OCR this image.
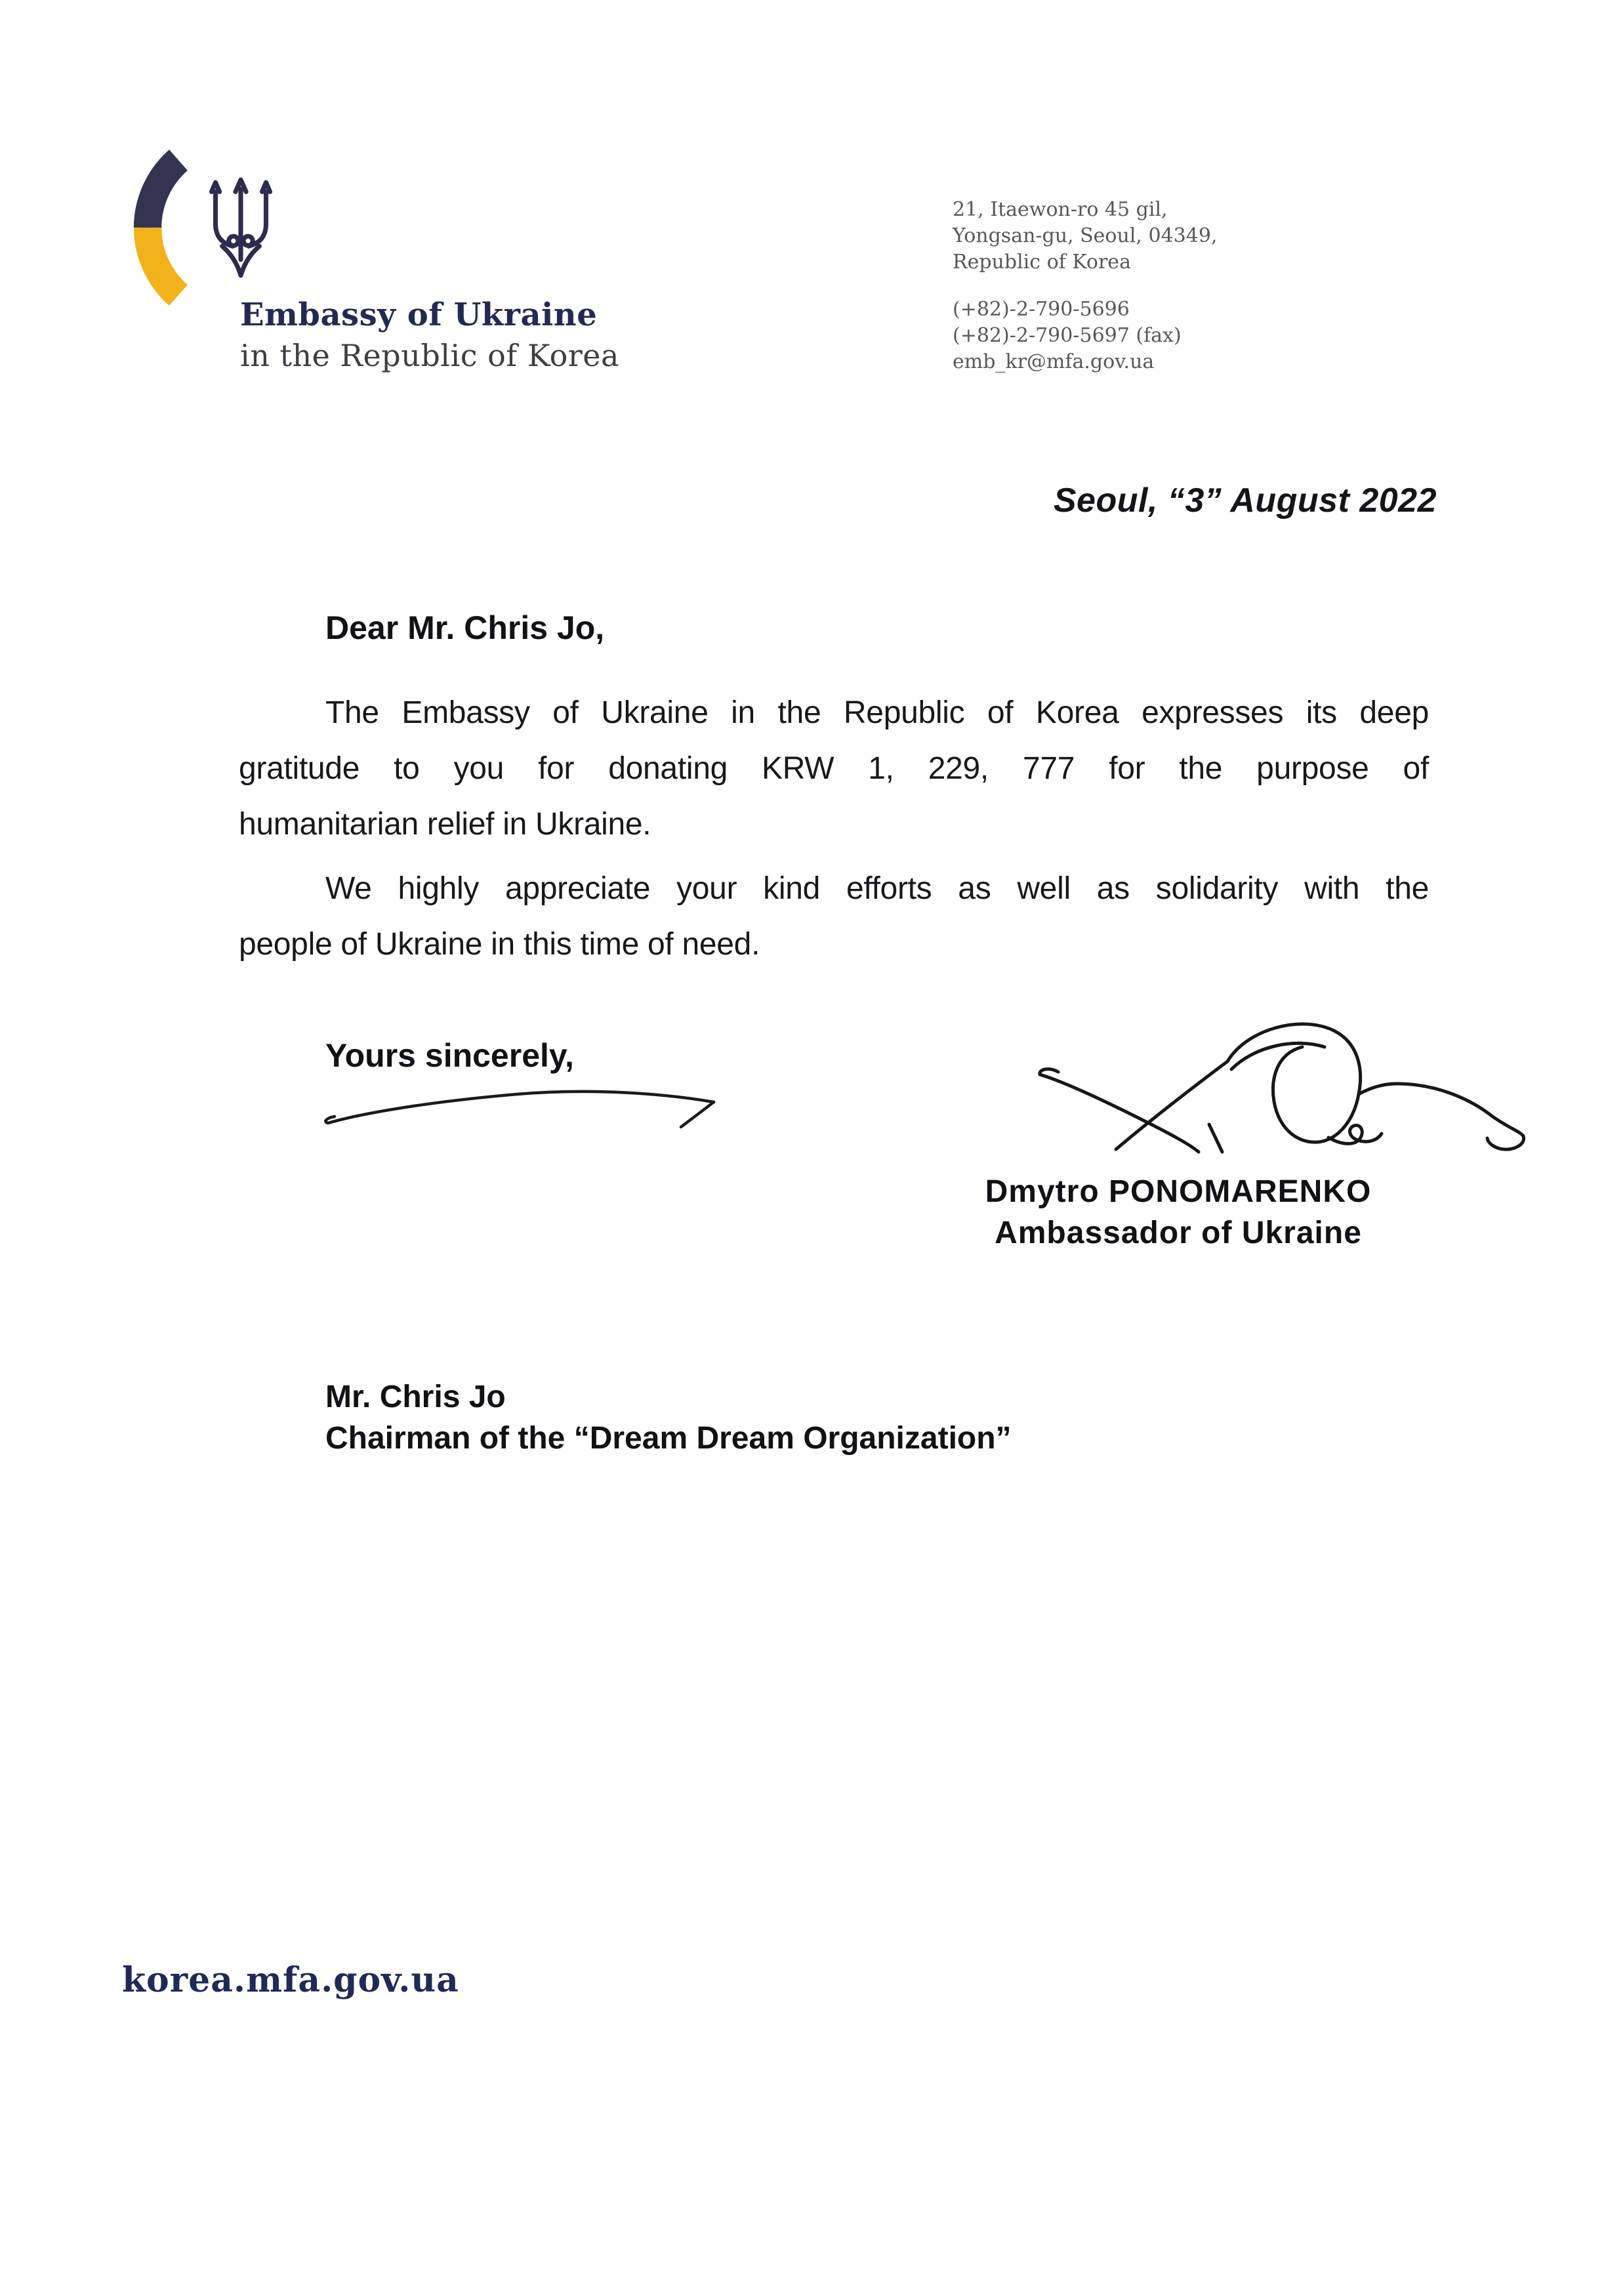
Embassy of Ukraine
in the Republic of Korea
21, Itaewon-ro 45 gil,
Yongsan-gu, Seoul, 04349,
Republic of Korea
(+82)-2-790-5696
(+82)-2-790-5697 (fax)
emb_kr@mfa.gov.ua
Seoul, “3” August 2022
Dear Mr. Chris Jo,
The Embassy of Ukraine in the Republic of Korea expresses its deep
gratitude to you for donating KRW 1, 229, 777 for the purpose of
humanitarian relief in Ukraine.
We highly appreciate your kind efforts as well as solidarity with the
people of Ukraine in this time of need.
Yours sincerely,
Dmytro PONOMARENKO
Ambassador of Ukraine
Mr. Chris Jo
Chairman of the “Dream Dream Organization”
korea.mfa.gov.ua
